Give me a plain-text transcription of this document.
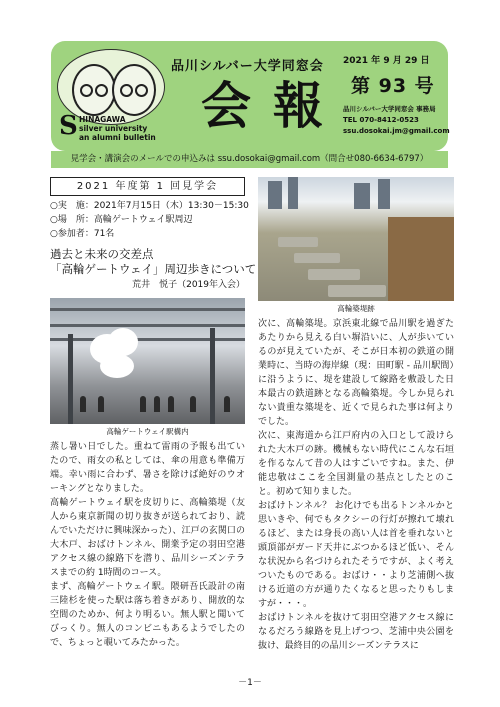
S HINAGAWA
silver university
an alumni bulletin
品川シルバー大学同窓会
会報
2021 年 9 月 29 日
第 93 号
品川シルバー大学同窓会 事務局
TEL 070-8412-0523
ssu.dosokai.jm@gmail.com
見学会・講演会のメールでの申込みは ssu.dosokai@gmail.com（問合せ080-6634-6797）
2021 年度第 1 回見学会
○実　施：2021年7月15日（木）13:30－15:30
○場　所：高輪ゲートウェイ駅周辺
○参加者：71名
過去と未来の交差点
「高輪ゲートウェイ」周辺歩きについて
荒井　悦子（2019年入会）
高輪ゲートウェイ駅構内

蒸し暑い日でした。重ねて雷雨の予報も出ていたので、雨女の私としては、傘の用意も準備万端。幸い雨に合わず、暑さを除けば絶好のウオーキングとなりました。

高輪ゲートウェイ駅を皮切りに、高輪築堤（友人から東京新聞の切り抜きが送られており、読んでいただけに興味深かった）、江戸の玄関口の大木戸、おばけトンネル、開業予定の羽田空港アクセス線の線路下を潜り、品川シーズンテラスまでの約 1時間のコース。

まず、高輪ゲートウェイ駅。隈研吾氏設計の南三陸杉を使った駅は落ち着きがあり、開放的な空間のためか、何より明るい。無人駅と聞いてびっくり。無人のコンビニもあるようでしたので、ちょっと覗いてみたかった。

高輪築堤跡

次に、高輪築堤。京浜東北線で品川駅を過ぎたあたりから見える白い塀沿いに、人が歩いているのが見えていたが、そこが日本初の鉄道の開業時に、当時の海岸線（現：田町駅 - 品川駅間）に沿うように、堤を建設して線路を敷設した日本最古の鉄道跡となる高輪築堤。今しか見られない貴重な築堤を、近くで見られた事は何よりでした。

次に、東海道から江戸府内の入口として設けられた大木戸の跡。機械もない時代にこんな石垣を作るなんて昔の人はすごいですね。また、伊能忠敬はここを全国測量の基点としたとのこと。初めて知りました。

おばけトンネル？ お化けでも出るトンネルかと思いきや、何でもタクシーの行灯が擦れて壊れるほど、または身長の高い人は首を垂れないと頭頂部がガード天井にぶつかるほど低い、そんな状況から名づけられたそうですが、よく考えついたものである。おばけ・・より芝浦側へ抜ける近道の方が通りたくなると思ったりもしますが・・・。

おばけトンネルを抜けて羽田空港アクセス線になるだろう線路を見上げつつ、芝浦中央公園を抜け、最終目的の品川シーズンテラスに

－1－
